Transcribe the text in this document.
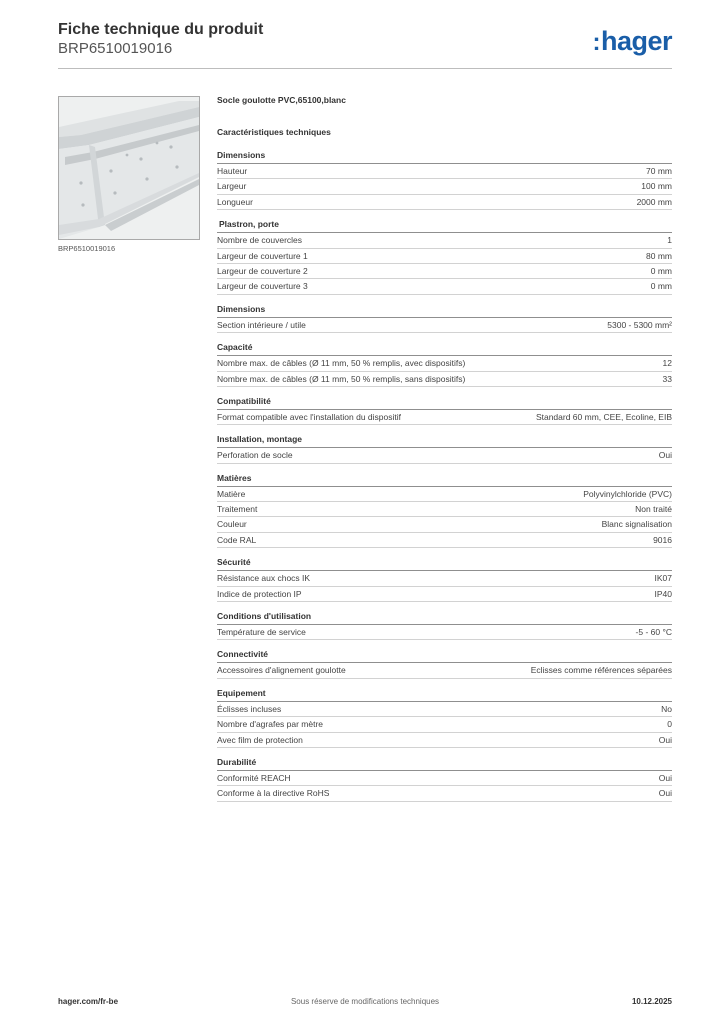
Fiche technique du produit
BRP6510019016	:hager
BRP6510019016
Socle goulotte PVC,65100,blanc
Caractéristiques techniques
Dimensions
Hauteur	70 mm
Largeur	100 mm
Longueur	2000 mm
Plastron, porte
Nombre de couvercles	1
Largeur de couverture 1	80 mm
Largeur de couverture 2	0 mm
Largeur de couverture 3	0 mm
Dimensions
Section intérieure / utile	5300 - 5300 mm²
Capacité
Nombre max. de câbles (Ø 11 mm, 50 % remplis, avec dispositifs)	12
Nombre max. de câbles (Ø 11 mm, 50 % remplis, sans dispositifs)	33
Compatibilité
Format compatible avec l'installation du dispositif	Standard 60 mm, CEE, Ecoline, EIB
Installation, montage
Perforation de socle	Oui
Matières
Matière	Polyvinylchloride (PVC)
Traitement	Non traité
Couleur	Blanc signalisation
Code RAL	9016
Sécurité
Résistance aux chocs IK	IK07
Indice de protection IP	IP40
Conditions d'utilisation
Température de service	-5 - 60 °C
Connectivité
Accessoires d'alignement goulotte	Eclisses comme références séparées
Equipement
Éclisses incluses	No
Nombre d'agrafes par mètre	0
Avec film de protection	Oui
Durabilité
Conformité REACH	Oui
Conforme à la directive RoHS	Oui
Sous réserve de modifications techniques
hager.com/fr-be	10.12.2025
